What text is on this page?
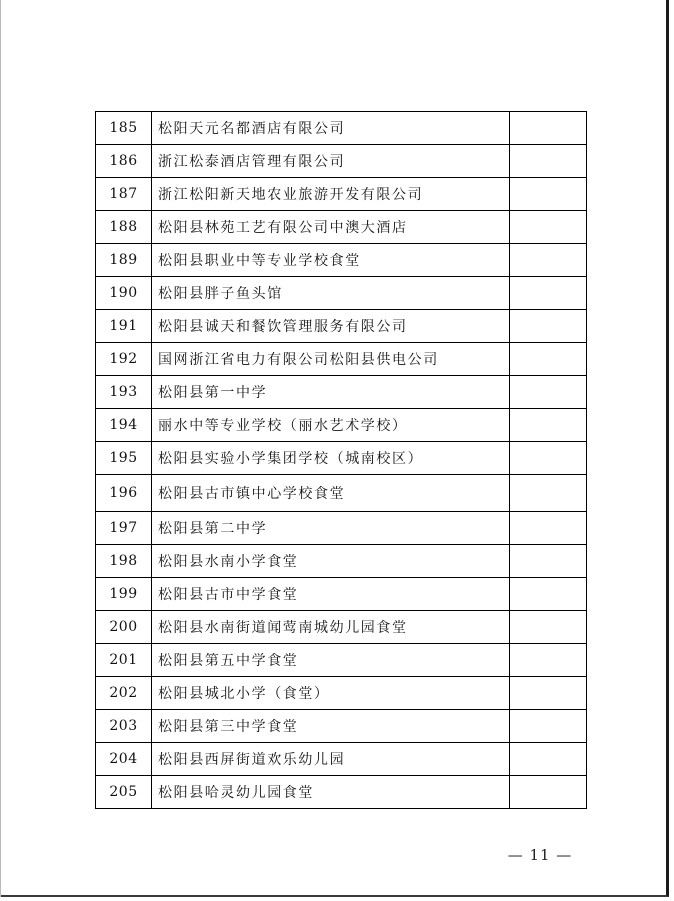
185	松阳天元名都酒店有限公司	
186	浙江松泰酒店管理有限公司	
187	浙江松阳新天地农业旅游开发有限公司	
188	松阳县林苑工艺有限公司中澳大酒店	
189	松阳县职业中等专业学校食堂	
190	松阳县胖子鱼头馆	
191	松阳县诚天和餐饮管理服务有限公司	
192	国网浙江省电力有限公司松阳县供电公司	
193	松阳县第一中学	
194	丽水中等专业学校（丽水艺术学校）	
195	松阳县实验小学集团学校（城南校区）	
196	松阳县古市镇中心学校食堂	
197	松阳县第二中学	
198	松阳县水南小学食堂	
199	松阳县古市中学食堂	
200	松阳县水南街道闻莺南城幼儿园食堂	
201	松阳县第五中学食堂	
202	松阳县城北小学（食堂）	
203	松阳县第三中学食堂	
204	松阳县西屏街道欢乐幼儿园	
205	松阳县哈灵幼儿园食堂	
— 11 —
